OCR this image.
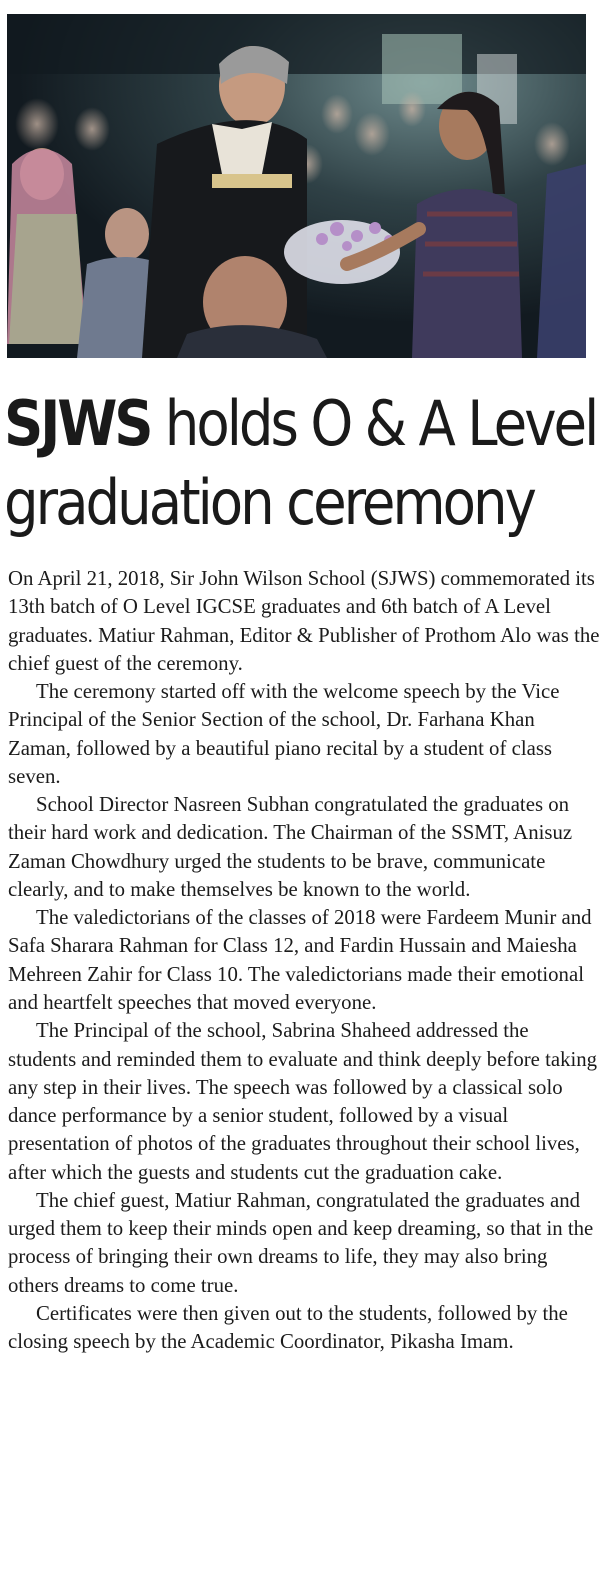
SJWS holds O & A Level
graduation ceremony

On April 21, 2018, Sir John Wilson School (SJWS) commemorated its 13th batch of O Level IGCSE graduates and 6th batch of A Level graduates. Matiur Rahman, Editor & Publisher of Prothom Alo was the chief guest of the ceremony.

The ceremony started off with the welcome speech by the Vice Principal of the Senior Section of the school, Dr. Farhana Khan Zaman, followed by a beautiful piano recital by a student of class seven.

School Director Nasreen Subhan congratulated the graduates on their hard work and dedication. The Chairman of the SSMT, Anisuz Zaman Chowdhury urged the students to be brave, communicate clearly, and to make themselves be known to the world.

The valedictorians of the classes of 2018 were Fardeem Munir and Safa Sharara Rahman for Class 12, and Fardin Hussain and Maiesha Mehreen Zahir for Class 10. The valedictorians made their emotional and heartfelt speeches that moved everyone.

The Principal of the school, Sabrina Shaheed addressed the students and reminded them to evaluate and think deeply before taking any step in their lives. The speech was followed by a classical solo dance performance by a senior student, followed by a visual presentation of photos of the graduates throughout their school lives, after which the guests and students cut the graduation cake.

The chief guest, Matiur Rahman, congratulated the graduates and urged them to keep their minds open and keep dreaming, so that in the process of bringing their own dreams to life, they may also bring others dreams to come true.

Certificates were then given out to the students, followed by the closing speech by the Academic Coordinator, Pikasha Imam.
